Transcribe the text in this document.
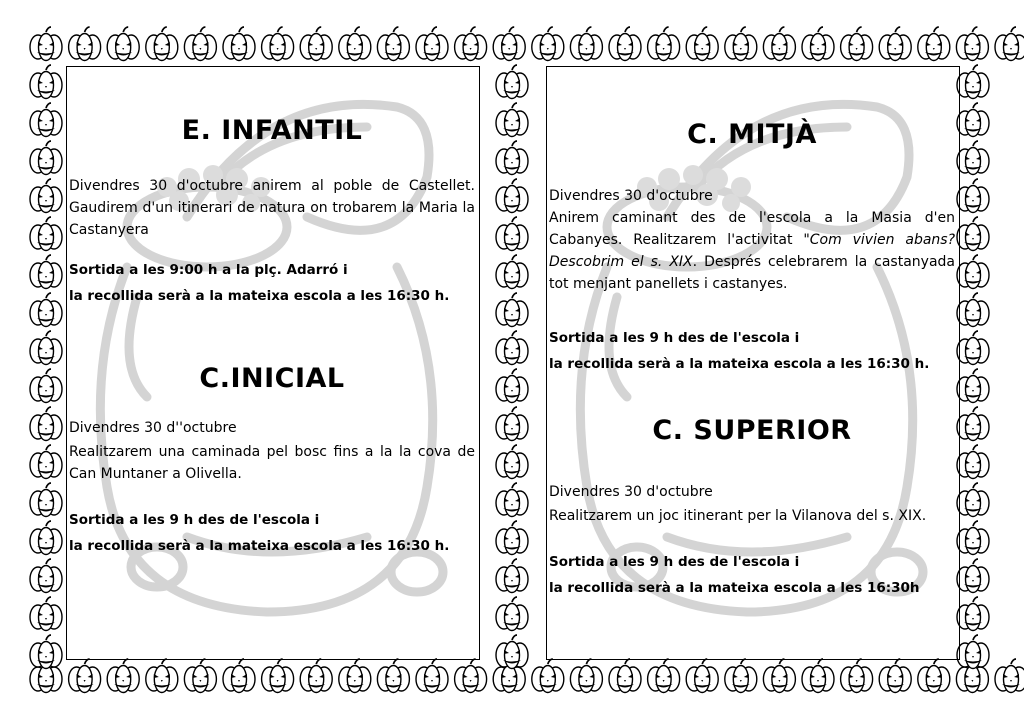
E. INFANTIL

Divendres 30 d'octubre anirem al poble de Castellet. Gaudirem d'un itinerari de natura on trobarem la Maria la Castanyera

Sortida a les 9:00 h a la plç. Adarró i
la recollida serà a la mateixa escola a les 16:30 h.

C.INICIAL

Divendres 30 d''octubre

Realitzarem una caminada pel bosc fins a la la cova de Can Muntaner a Olivella.

Sortida a les 9 h des de l'escola i
la recollida serà a la mateixa escola a les 16:30 h.

C. MITJÀ

Divendres 30 d'octubre

Anirem caminant des de l'escola a la Masia d'en Cabanyes. Realitzarem l'activitat "Com vivien abans? Descobrim el s. XIX. Després celebrarem la castanyada tot menjant panellets i castanyes.

Sortida a les 9 h des de l'escola i
la recollida serà a la mateixa escola a les 16:30 h.

C. SUPERIOR

Divendres 30 d'octubre

Realitzarem un joc itinerant per la Vilanova del s. XIX.

Sortida a les 9 h des de l'escola i
la recollida serà a la mateixa escola a les 16:30h
